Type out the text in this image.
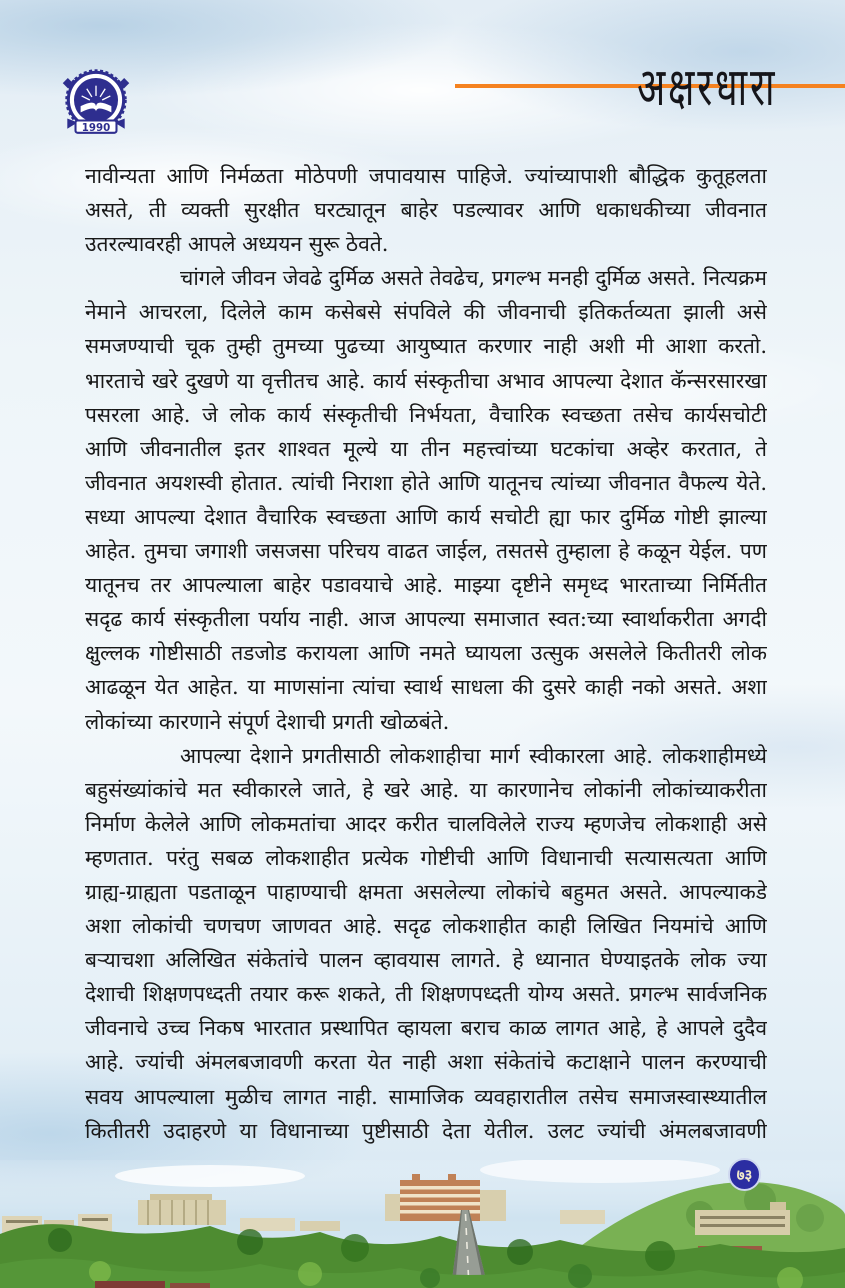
1990
अक्षरधारा
नावीन्यता आणि निर्मळता मोठेपणी जपावयास पाहिजे. ज्यांच्यापाशी बौद्धिक कुतूहलता
असते, ती व्यक्ती सुरक्षीत घरट्यातून बाहेर पडल्यावर आणि धकाधकीच्या जीवनात
उतरल्यावरही आपले अध्ययन सुरू ठेवते.
चांगले जीवन जेवढे दुर्मिळ असते तेवढेच, प्रगल्भ मनही दुर्मिळ असते. नित्यक्रम
नेमाने आचरला, दिलेले काम कसेबसे संपविले की जीवनाची इतिकर्तव्यता झाली असे
समजण्याची चूक तुम्ही तुमच्या पुढच्या आयुष्यात करणार नाही अशी मी आशा करतो.
भारताचे खरे दुखणे या वृत्तीतच आहे. कार्य संस्कृतीचा अभाव आपल्या देशात कॅन्सरसारखा
पसरला आहे. जे लोक कार्य संस्कृतीची निर्भयता, वैचारिक स्वच्छता तसेच कार्यसचोटी
आणि जीवनातील इतर शाश्वत मूल्ये या तीन महत्त्वांच्या घटकांचा अव्हेर करतात, ते
जीवनात अयशस्वी होतात. त्यांची निराशा होते आणि यातूनच त्यांच्या जीवनात वैफल्य येते.
सध्या आपल्या देशात वैचारिक स्वच्छता आणि कार्य सचोटी ह्या फार दुर्मिळ गोष्टी झाल्या
आहेत. तुमचा जगाशी जसजसा परिचय वाढत जाईल, तसतसे तुम्हाला हे कळून येईल. पण
यातूनच तर आपल्याला बाहेर पडावयाचे आहे. माझ्या दृष्टीने समृध्द भारताच्या निर्मितीत
सदृढ कार्य संस्कृतीला पर्याय नाही. आज आपल्या समाजात स्वत:च्या स्वार्थाकरीता अगदी
क्षुल्लक गोष्टीसाठी तडजोड करायला आणि नमते घ्यायला उत्सुक असलेले कितीतरी लोक
आढळून येत आहेत. या माणसांना त्यांचा स्वार्थ साधला की दुसरे काही नको असते. अशा
लोकांच्या कारणाने संपूर्ण देशाची प्रगती खोळबंते.
आपल्या देशाने प्रगतीसाठी लोकशाहीचा मार्ग स्वीकारला आहे. लोकशाहीमध्ये
बहुसंख्यांकांचे मत स्वीकारले जाते, हे खरे आहे. या कारणानेच लोकांनी लोकांच्याकरीता
निर्माण केलेले आणि लोकमतांचा आदर करीत चालविलेले राज्य म्हणजेच लोकशाही असे
म्हणतात. परंतु सबळ लोकशाहीत प्रत्येक गोष्टीची आणि विधानाची सत्यासत्यता आणि
ग्राह्य-ग्राह्यता पडताळून पाहाण्याची क्षमता असलेल्या लोकांचे बहुमत असते. आपल्याकडे
अशा लोकांची चणचण जाणवत आहे. सदृढ लोकशाहीत काही लिखित नियमांचे आणि
बऱ्याचशा अलिखित संकेतांचे पालन व्हावयास लागते. हे ध्यानात घेण्याइतके लोक ज्या
देशाची शिक्षणपध्दती तयार करू शकते, ती शिक्षणपध्दती योग्य असते. प्रगल्भ सार्वजनिक
जीवनाचे उच्च निकष भारतात प्रस्थापित व्हायला बराच काळ लागत आहे, हे आपले दुदैव
आहे. ज्यांची अंमलबजावणी करता येत नाही अशा संकेतांचे कटाक्षाने पालन करण्याची
सवय आपल्याला मुळीच लागत नाही. सामाजिक व्यवहारातील तसेच समाजस्वास्थ्यातील
कितीतरी उदाहरणे या विधानाच्या पुष्टीसाठी देता येतील. उलट ज्यांची अंमलबजावणी
७३
